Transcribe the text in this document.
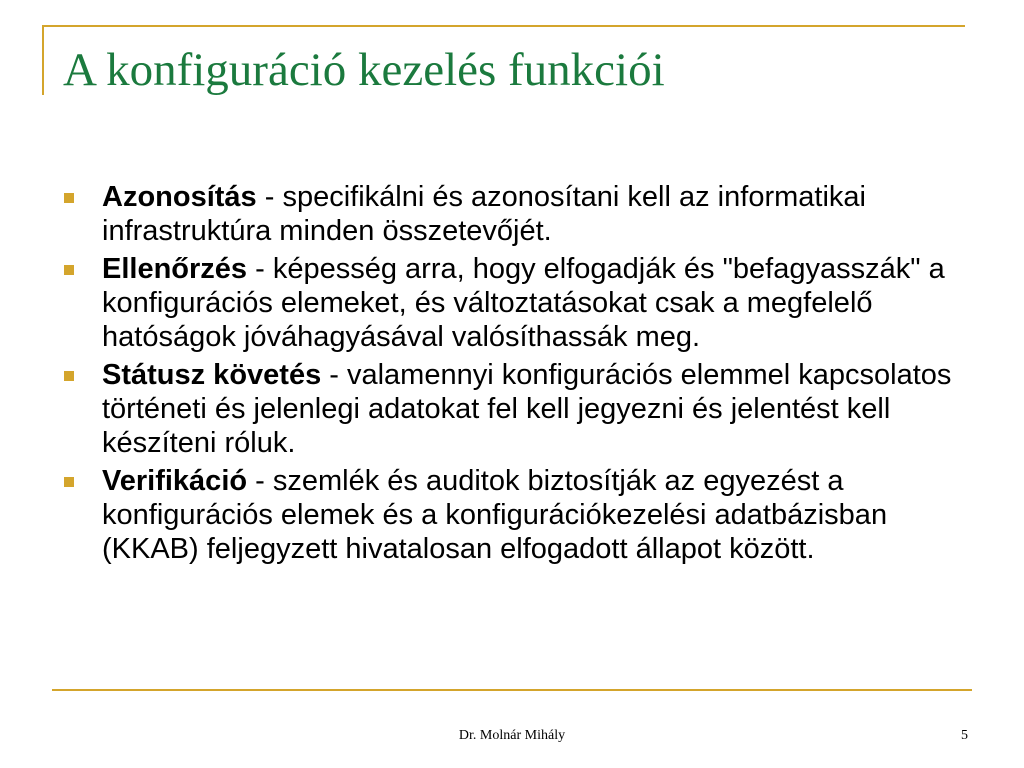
A konfiguráció kezelés funkciói
Azonosítás - specifikálni és azonosítani kell az informatikai infrastruktúra minden összetevőjét.
Ellenőrzés - képesség arra, hogy elfogadják és "befagyasszák" a konfigurációs elemeket, és változtatásokat csak a megfelelő hatóságok jóváhagyásával valósíthassák meg.
Státusz követés - valamennyi konfigurációs elemmel kapcsolatos történeti és jelenlegi adatokat fel kell jegyezni és jelentést kell készíteni róluk.
Verifikáció - szemlék és auditok biztosítják az egyezést a konfigurációs elemek és a konfigurációkezelési adatbázisban (KKAB) feljegyzett hivatalosan elfogadott állapot között.
Dr. Molnár Mihály	5
